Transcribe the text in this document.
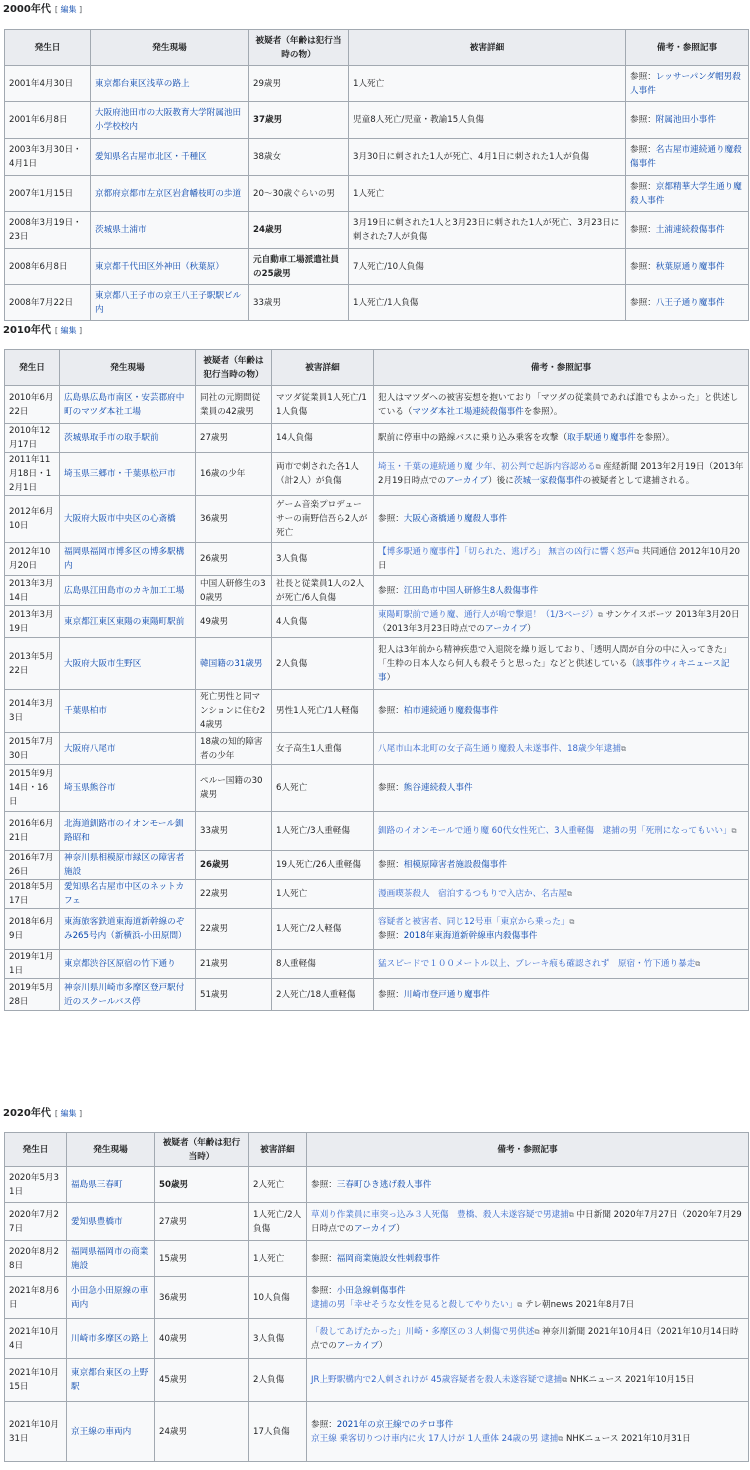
2000年代 [ 編集 ]
発生日	発生現場	被疑者（年齢は犯行当時の物）	被害詳細	備考・参照記事
2001年4月30日	東京都台東区浅草の路上	29歳男	1人死亡	参照：レッサーパンダ帽男殺人事件

2001年6月8日	大阪府池田市の大阪教育大学附属池田小学校校内	37歳男	児童8人死亡/児童・教諭15人負傷	参照：附属池田小事件

2003年3月30日・4月1日	愛知県名古屋市北区・千種区	38歳女	3月30日に刺された1人が死亡、4月1日に刺された1人が負傷	参照：名古屋市連続通り魔殺傷事件

2007年1月15日	京都府京都市左京区岩倉幡枝町の歩道	20～30歳ぐらいの男	1人死亡	参照：京都精華大学生通り魔殺人事件

2008年3月19日・23日	茨城県土浦市	24歳男	3月19日に刺された1人と3月23日に刺された1人が死亡、3月23日に刺された7人が負傷	参照：土浦連続殺傷事件

2008年6月8日	東京都千代田区外神田（秋葉原）	元自動車工場派遣社員の25歳男	7人死亡/10人負傷	参照：秋葉原通り魔事件

2008年7月22日	東京都八王子市の京王八王子駅駅ビル内	33歳男	1人死亡/1人負傷	参照：八王子通り魔事件
2010年代 [ 編集 ]
発生日	発生現場	被疑者（年齢は犯行当時の物）	被害詳細	備考・参照記事
2010年6月22日	広島県広島市南区・安芸郡府中町のマツダ本社工場	同社の元期間従業員の42歳男	マツダ従業員1人死亡/11人負傷	犯人はマツダへの被害妄想を抱いており「マツダの従業員であれば誰でもよかった」と供述している（マツダ本社工場連続殺傷事件を参照）。

2010年12月17日	茨城県取手市の取手駅前	27歳男	14人負傷	駅前に停車中の路線バスに乗り込み乗客を攻撃（取手駅通り魔事件を参照）。

2011年11月18日・12月1日	埼玉県三郷市・千葉県松戸市	16歳の少年	両市で刺された各1人（計2人）が負傷	埼玉・千葉の連続通り魔 少年、初公判で起訴内容認める⧉ 産経新聞 2013年2月19日（2013年2月19日時点でのアーカイブ）後に茨城一家殺傷事件の被疑者として逮捕される。

2012年6月10日	大阪府大阪市中央区の心斎橋	36歳男	ゲーム音楽プロデューサーの南野信吾ら2人が死亡	参照：大阪心斎橋通り魔殺人事件

2012年10月20日	福岡県福岡市博多区の博多駅構内	26歳男	3人負傷	【博多駅通り魔事件】「切られた、逃げろ」 無言の凶行に響く怒声⧉ 共同通信 2012年10月20日

2013年3月14日	広島県江田島市のカキ加工工場	中国人研修生の30歳男	社長と従業員1人の2人が死亡/6人負傷	参照：江田島市中国人研修生8人殺傷事件

2013年3月19日	東京都江東区東陽の東陽町駅前	49歳男	4人負傷	東陽町駅前で通り魔、通行人が嗚で撃退！（1/3ページ）⧉ サンケイスポーツ 2013年3月20日（2013年3月23日時点でのアーカイブ）

2013年5月22日	大阪府大阪市生野区	韓国籍の31歳男	2人負傷	犯人は3年前から精神疾患で入退院を繰り返しており、「透明人間が自分の中に入ってきた」「生粋の日本人なら何人も殺そうと思った」などと供述している（該事件ウィキニュース記事）

2014年3月3日	千葉県柏市	死亡男性と同マンションに住む24歳男	男性1人死亡/1人軽傷	参照：柏市連続通り魔殺傷事件

2015年7月30日	大阪府八尾市	18歳の知的障害者の少年	女子高生1人重傷	八尾市山本北町の女子高生通り魔殺人未遂事件、18歳少年逮捕⧉

2015年9月14日・16日	埼玉県熊谷市	ペルー国籍の30歳男	6人死亡	参照：熊谷連続殺人事件

2016年6月21日	北海道釧路市のイオンモール釧路昭和	33歳男	1人死亡/3人重軽傷	釧路のイオンモールで通り魔 60代女性死亡、3人重軽傷　逮捕の男「死刑になってもいい」⧉

2016年7月26日	神奈川県相模原市緑区の障害者施設	26歳男	19人死亡/26人重軽傷	参照：相模原障害者施設殺傷事件

2018年5月17日	愛知県名古屋市中区のネットカフェ	22歳男	1人死亡	漫画喫茶殺人　宿泊するつもりで入店か、名古屋⧉

2018年6月9日	東海旅客鉄道東海道新幹線のぞみ265号内（新横浜-小田原間）	22歳男	1人死亡/2人軽傷	容疑者と被害者、同じ12号車「東京から乗った」⧉
参照：2018年東海道新幹線車内殺傷事件

2019年1月1日	東京都渋谷区原宿の竹下通り	21歳男	8人重軽傷	猛スピードで１００メートル以上、ブレーキ痕も確認されず　原宿・竹下通り暴走⧉

2019年5月28日	神奈川県川崎市多摩区登戸駅付近のスクールバス停	51歳男	2人死亡/18人重軽傷	参照：川崎市登戸通り魔事件
2020年代 [ 編集 ]
発生日	発生現場	被疑者（年齢は犯行当時）	被害詳細	備考・参照記事
2020年5月31日	福島県三春町	50歳男	2人死亡	参照：三春町ひき逃げ殺人事件

2020年7月27日	愛知県豊橋市	27歳男	1人死亡/2人負傷	草刈り作業員に車突っ込み３人死傷　豊橋、殺人未遂容疑で男逮捕⧉ 中日新聞 2020年7月27日（2020年7月29日時点でのアーカイブ）

2020年8月28日	福岡県福岡市の商業施設	15歳男	1人死亡	参照：福岡商業施設女性刺殺事件

2021年8月6日	小田急小田原線の車両内	36歳男	10人負傷	参照：小田急線刺傷事件
逮捕の男「幸せそうな女性を見ると殺してやりたい」⧉ テレ朝news 2021年8月7日

2021年10月4日	川崎市多摩区の路上	40歳男	3人負傷	「殺してあげたかった」川崎・多摩区の３人刺傷で男供述⧉ 神奈川新聞 2021年10月4日（2021年10月14日時点でのアーカイブ）

2021年10月15日	東京都台東区の上野駅	45歳男	2人負傷	JR上野駅構内で2人刺されけが 45歳容疑者を殺人未遂容疑で逮捕⧉ NHKニュース 2021年10月15日

2021年10月31日	京王線の車両内	24歳男	17人負傷	参照：2021年の京王線でのテロ事件
京王線 乗客切りつけ車内に火 17人けが 1人重体 24歳の男 逮捕⧉ NHKニュース 2021年10月31日
